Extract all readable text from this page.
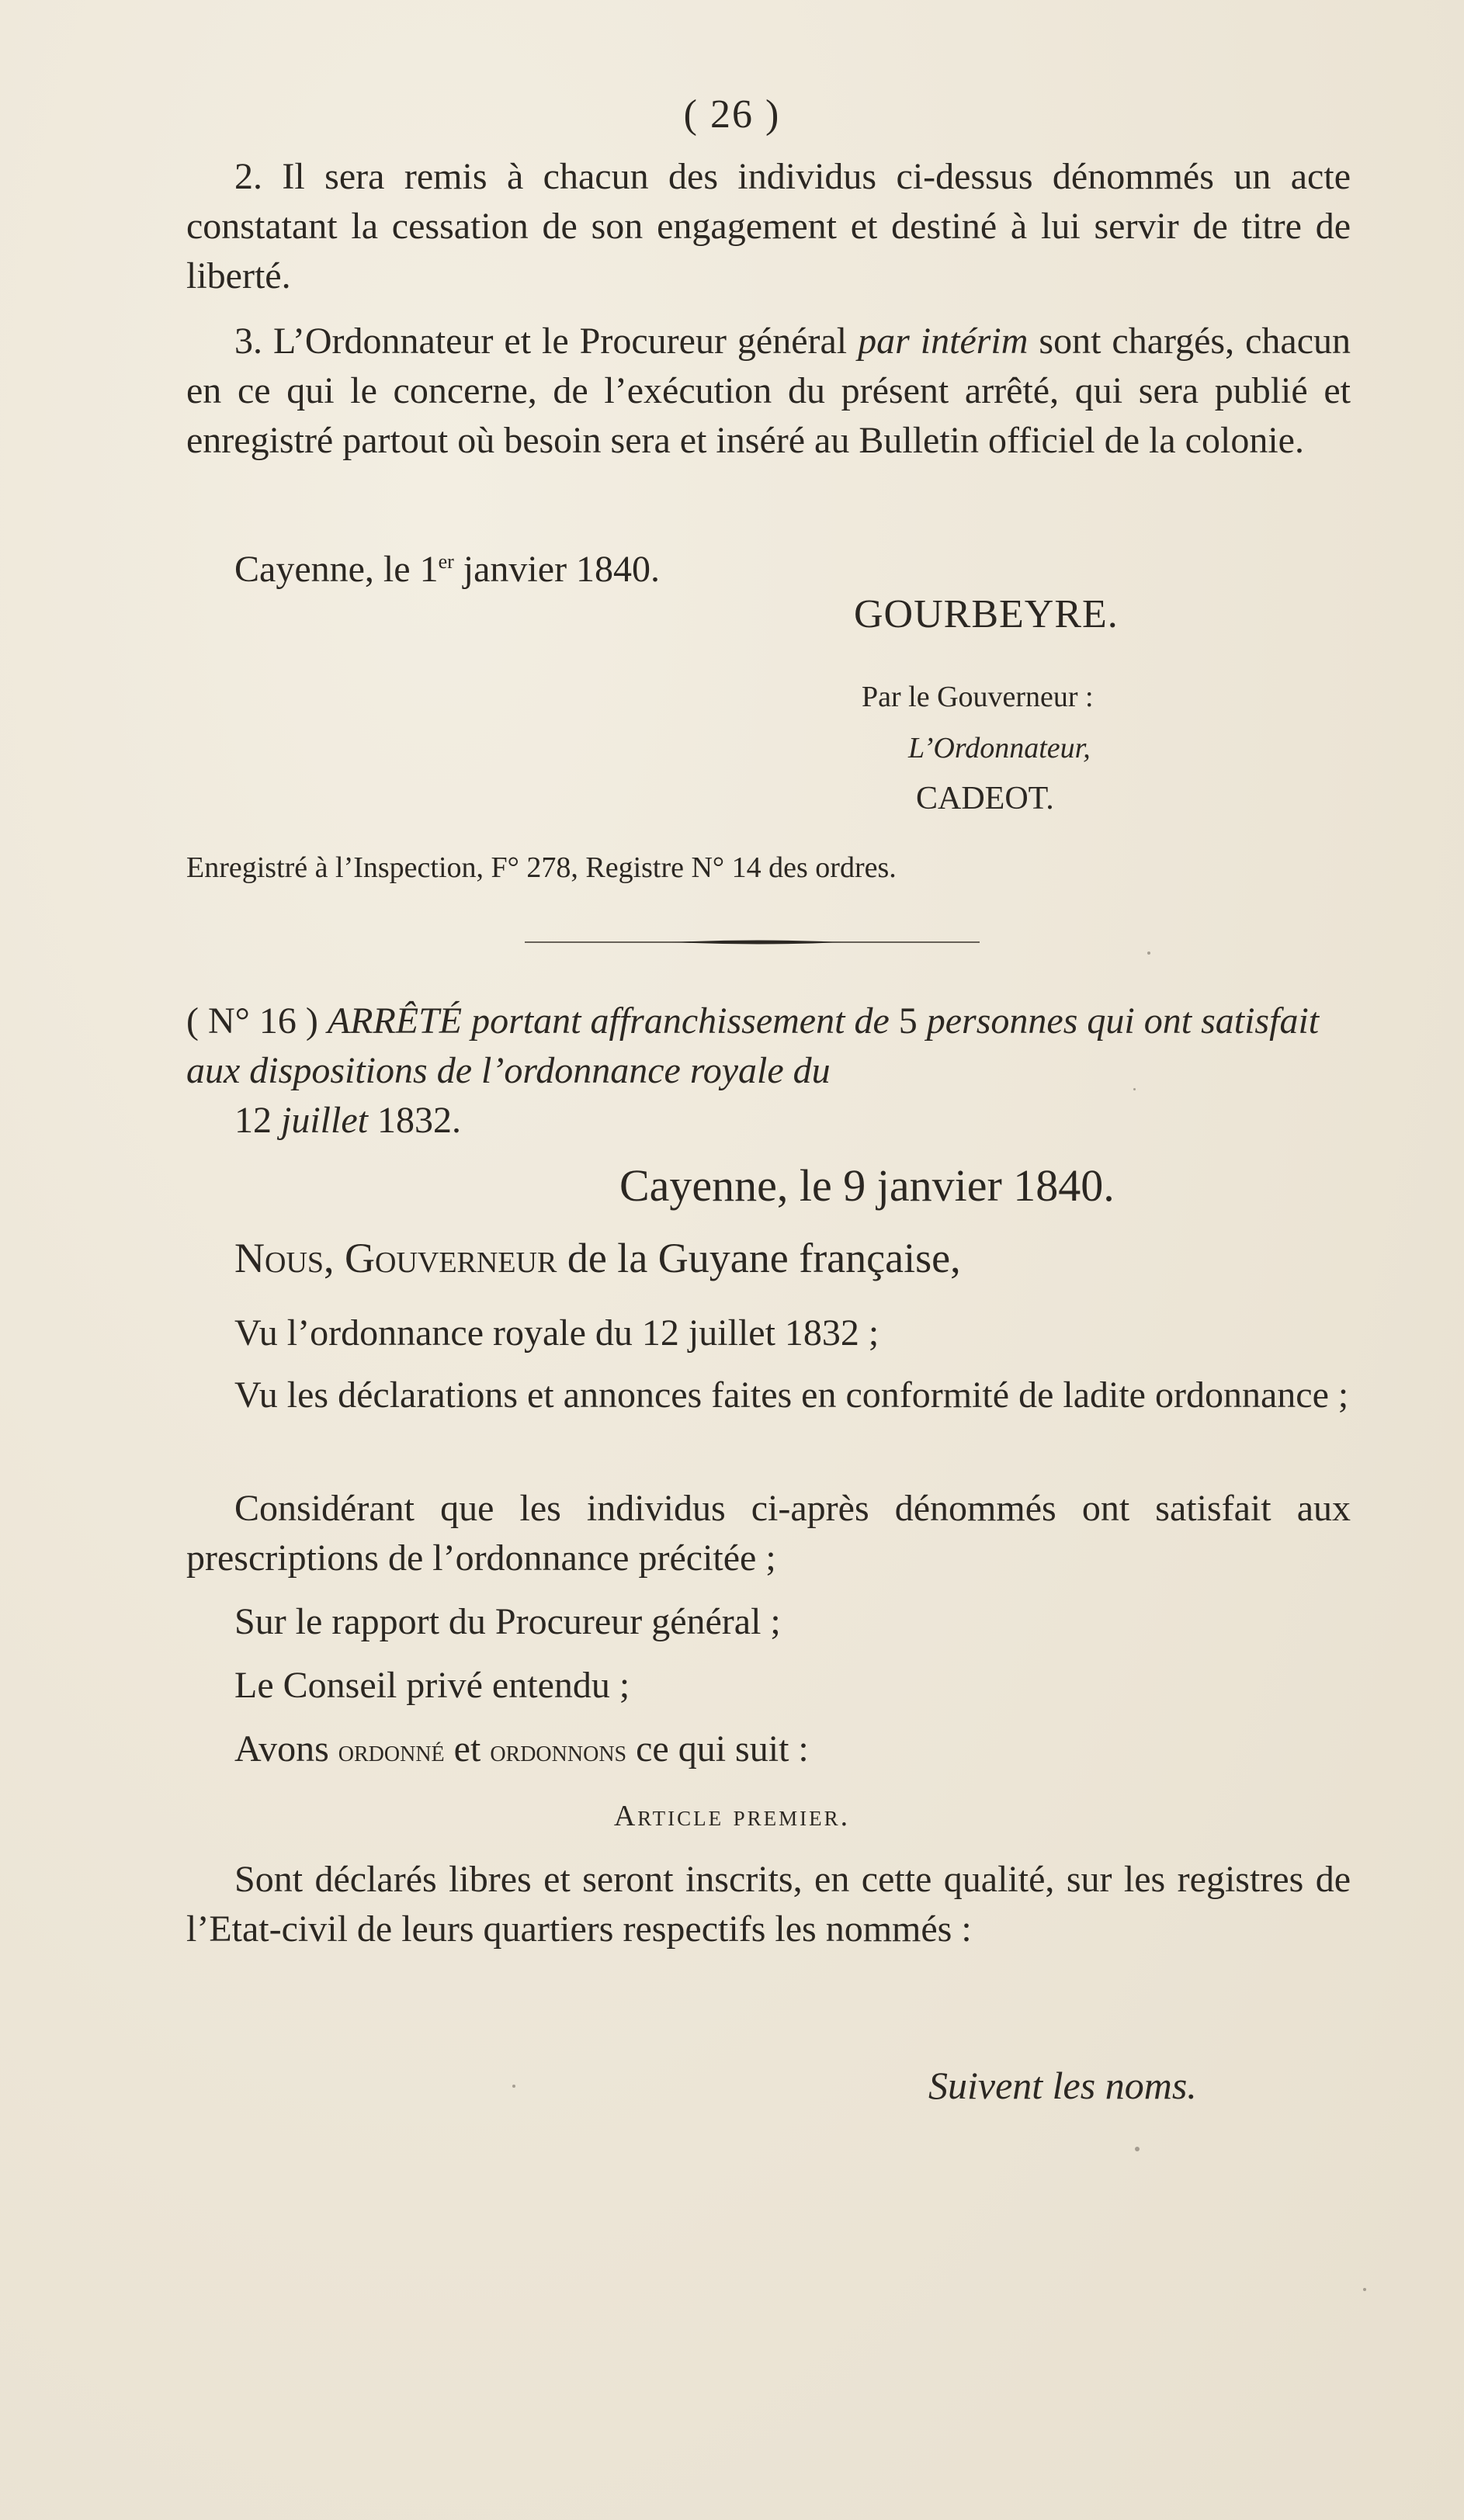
( 26 )

2. Il sera remis à chacun des individus ci-dessus dénommés un acte constatant la cessation de son engagement et destiné à lui servir de titre de liberté.

3. L’Ordonnateur et le Procureur général par intérim sont chargés, chacun en ce qui le concerne, de l’exécution du présent arrêté, qui sera publié et enregistré partout où besoin sera et inséré au Bulletin officiel de la colonie.

Cayenne, le 1er janvier 1840.

GOURBEYRE.
Par le Gouverneur :
L’Ordonnateur,
CADEOT.
Enregistré à l’Inspection, F° 278, Registre N° 14 des ordres.
( N° 16 ) ARRÊTÉ portant affranchissement de 5 personnes qui ont satisfait aux dispositions de l’ordonnance royale du
12 juillet 1832.
Cayenne, le 9 janvier 1840.
Nous, Gouverneur de la Guyane française,

Vu l’ordonnance royale du 12 juillet 1832 ;

Vu les déclarations et annonces faites en conformité de ladite ordonnance ;

Considérant que les individus ci-après dénommés ont satisfait aux prescriptions de l’ordonnance précitée ;

Sur le rapport du Procureur général ;

Le Conseil privé entendu ;

Avons ordonné et ordonnons ce qui suit :

Article premier.

Sont déclarés libres et seront inscrits, en cette qualité, sur les registres de l’Etat-civil de leurs quartiers respectifs les nommés :

Suivent les noms.
